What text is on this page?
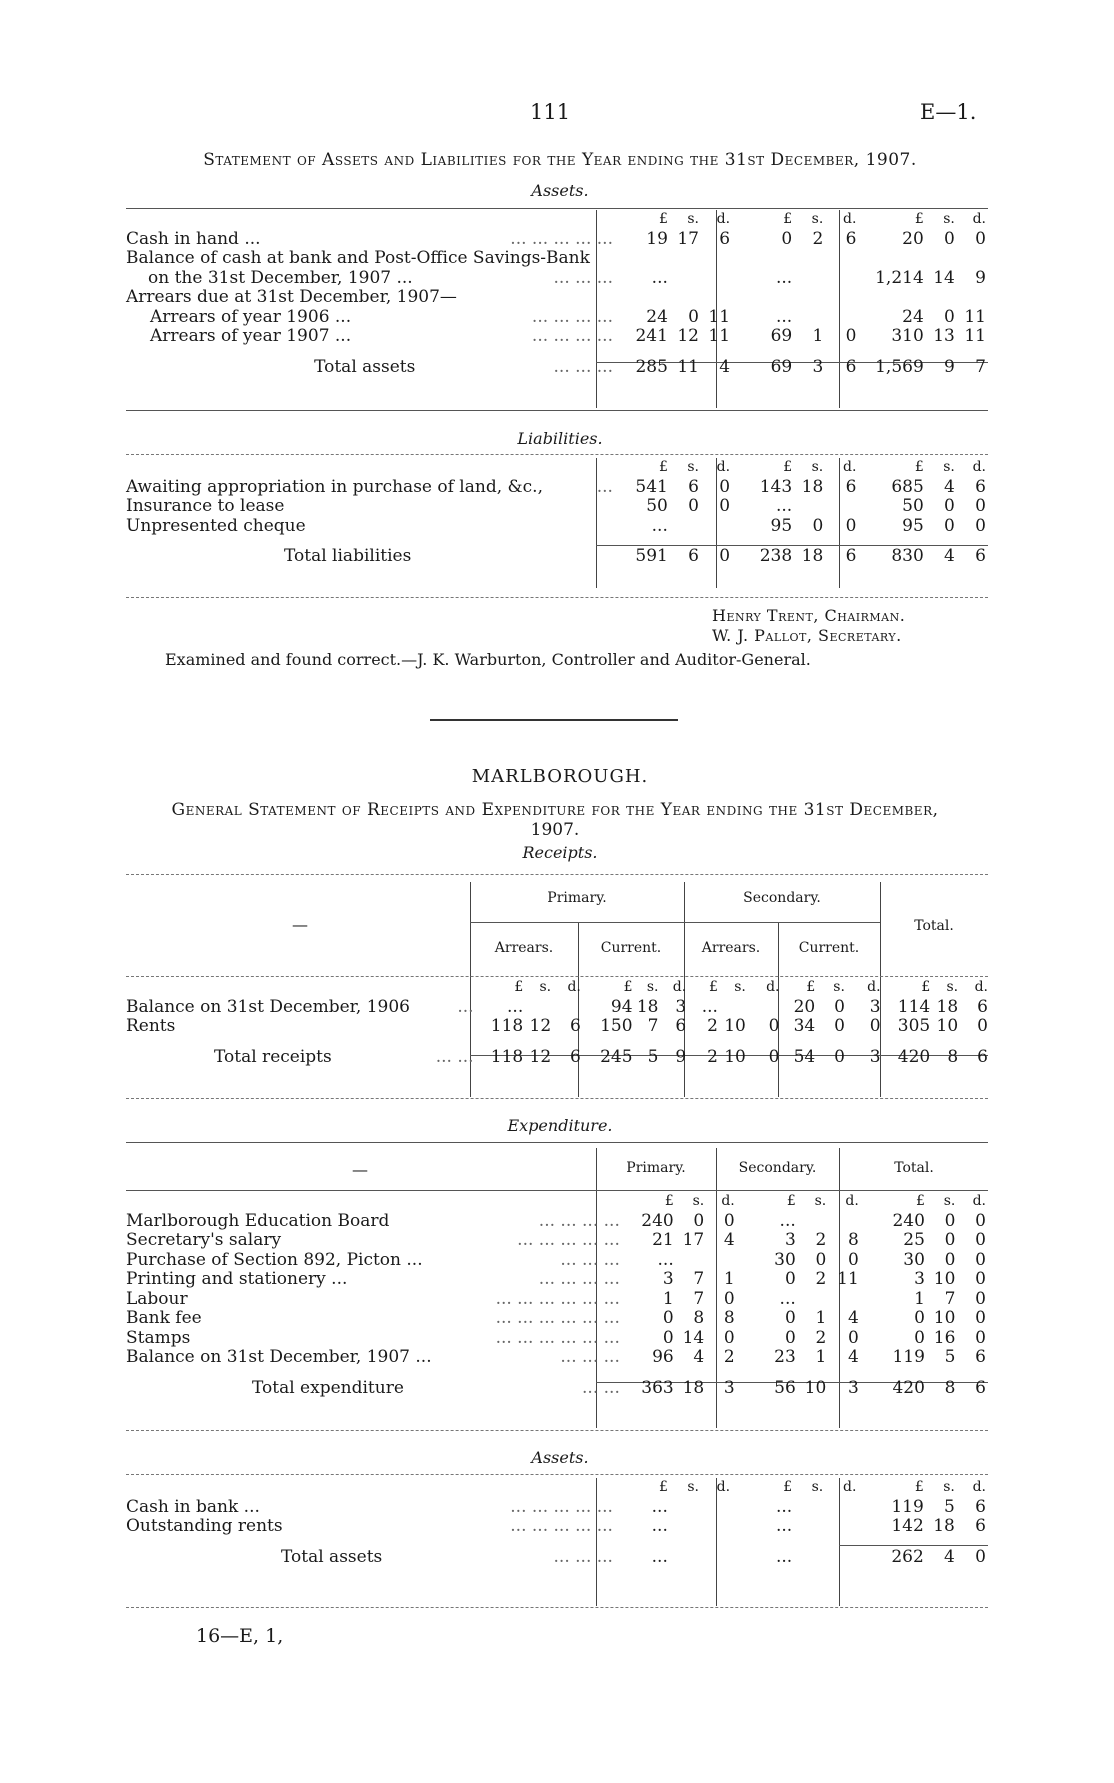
111	E—1.
Statement of Assets and Liabilities for the Year ending the 31st December, 1907.
Assets.
		£	s.	d.	£	s.	d.	£	s.	d.
Cash in hand ...	... ... ... ... ...	19	17	6	0	2	6	20	0	0
Balance of cash at bank and Post-Office Savings-Bank										
on the 31st December, 1907 ...	... ... ...	...			...			1,214	14	9
Arrears due at 31st December, 1907—										
Arrears of year 1906 ...	... ... ... ...	24	0	11	...			24	0	11
Arrears of year 1907 ...	... ... ... ...	241	12	11	69	1	0	310	13	11
Total assets	... ... ...	285	11	4	69	3	6	1,569	9	7
Liabilities.
		£	s.	d.	£	s.	d.	£	s.	d.
Awaiting appropriation in purchase of land, &c.,	...	541	6	0	143	18	6	685	4	6
Insurance to lease		50	0	0	...			50	0	0
Unpresented cheque		...			95	0	0	95	0	0
Total liabilities		591	6	0	238	18	6	830	4	6
Henry Trent, Chairman.
W. J. Pallot, Secretary.
Examined and found correct.—J. K. Warburton, Controller and Auditor-General.
MARLBOROUGH.
General Statement of Receipts and Expenditure for the Year ending the 31st December,
1907.
Receipts.
—
Primary.	Secondary.
Total.
Arrears.	Current.	Arrears.	Current.
		£	s.	d.	£	s.	d.	£	s.	d.	£	s.	d.	£	s.	d.
Balance on 31st December, 1906	...	...			94	18	3	...			20	0	3	114	18	6
Rents		118	12	6	150	7	6	2	10	0	34	0	0	305	10	0
Total receipts	... ...	118	12	6	245	5	9	2	10	0	54	0	3	420	8	6
Expenditure.
—	Primary.	Secondary.	Total.
		£	s.	d.	£	s.	d.	£	s.	d.
Marlborough Education Board	... ... ... ...	240	0	0	...			240	0	0
Secretary's salary	... ... ... ... ...	21	17	4	3	2	8	25	0	0
Purchase of Section 892, Picton ...	... ... ...	...			30	0	0	30	0	0
Printing and stationery ...	... ... ... ...	3	7	1	0	2	11	3	10	0
Labour	... ... ... ... ... ...	1	7	0	...			1	7	0
Bank fee	... ... ... ... ... ...	0	8	8	0	1	4	0	10	0
Stamps	... ... ... ... ... ...	0	14	0	0	2	0	0	16	0
Balance on 31st December, 1907 ...	... ... ...	96	4	2	23	1	4	119	5	6
Total expenditure	... ...	363	18	3	56	10	3	420	8	6
Assets.
		£	s.	d.	£	s.	d.	£	s.	d.
Cash in bank ...	... ... ... ... ...	...			...			119	5	6
Outstanding rents	... ... ... ... ...	...			...			142	18	6
Total assets	... ... ...	...			...			262	4	0
16—E, 1,
